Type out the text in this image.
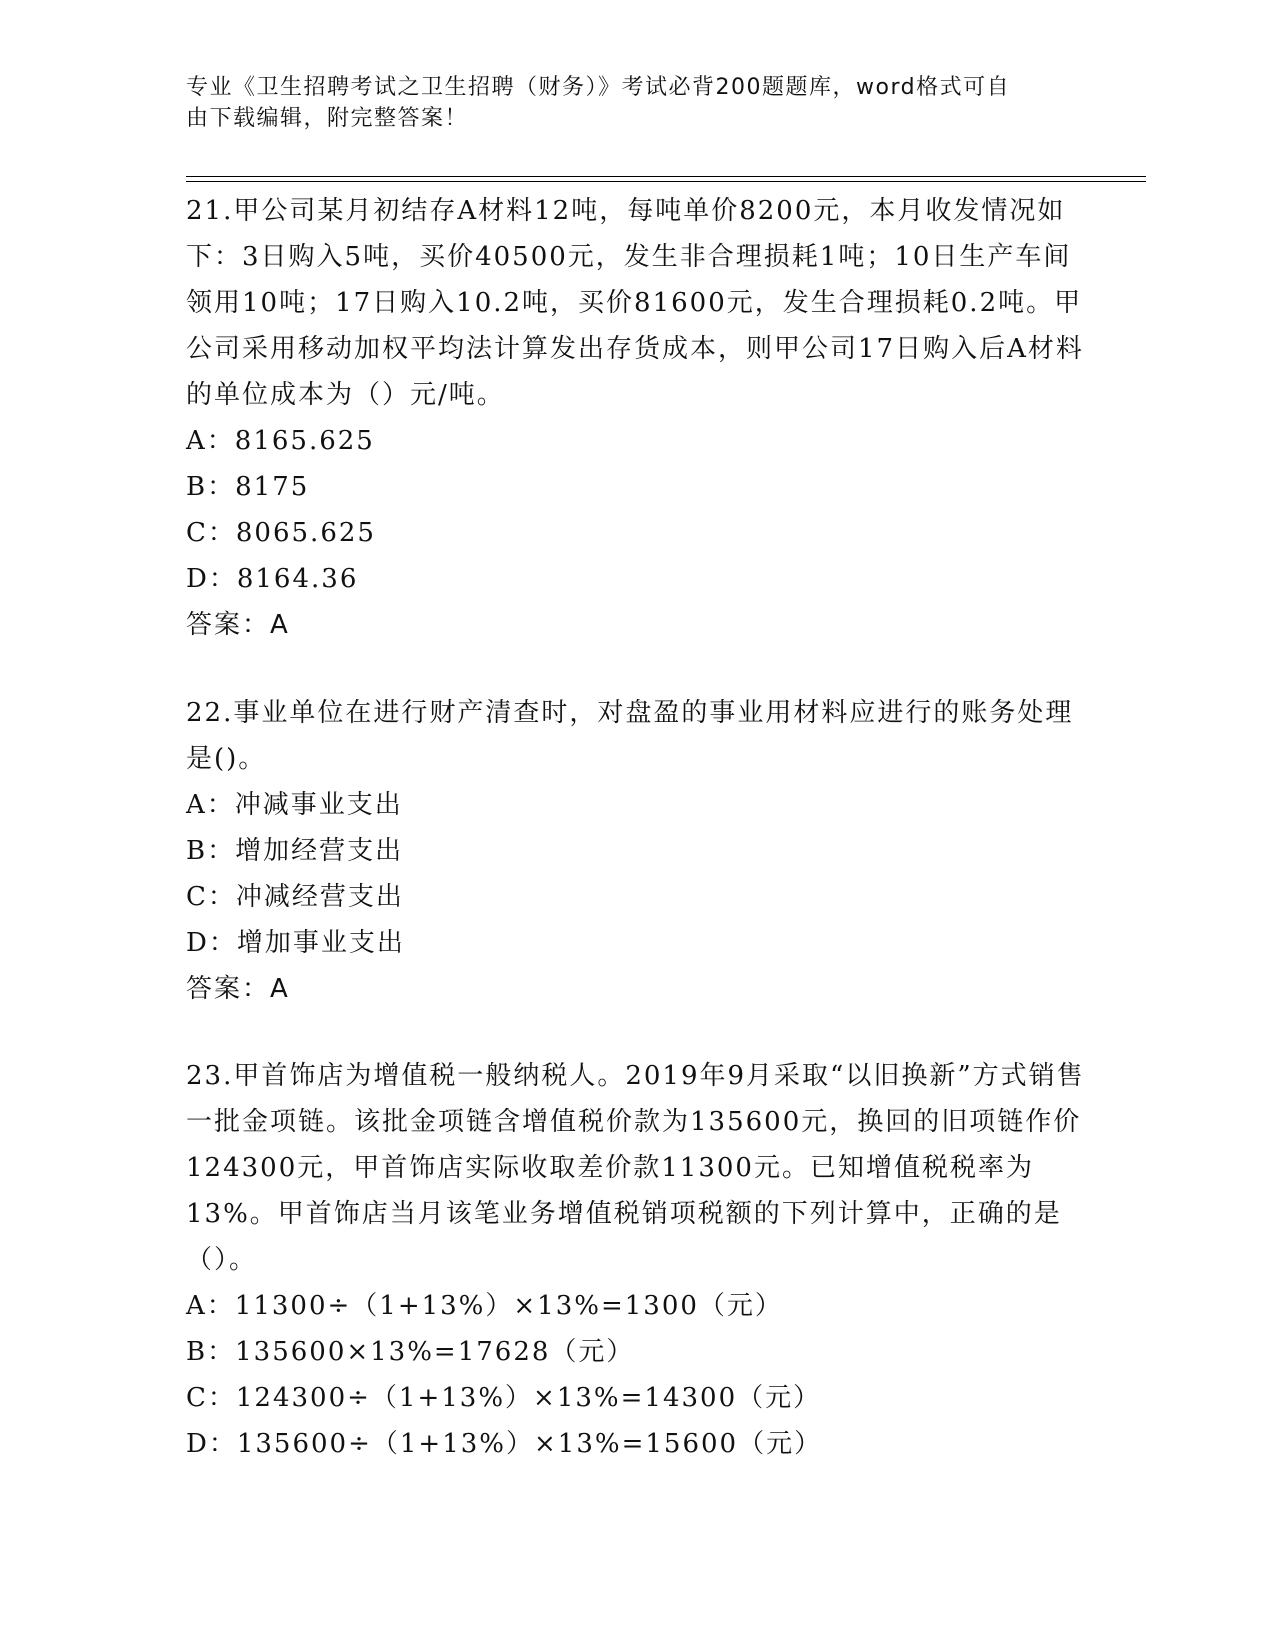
专业《卫生招聘考试之卫生招聘（财务）》考试必背200题题库，word格式可自
由下载编辑，附完整答案！

21.甲公司某月初结存A材料12吨，每吨单价8200元，本月收发情况如下：3日购入5吨，买价40500元，发生非合理损耗1吨；10日生产车间领用10吨；17日购入10.2吨，买价81600元，发生合理损耗0.2吨。甲公司采用移动加权平均法计算发出存货成本，则甲公司17日购入后A材料的单位成本为（）元/吨。

A：8165.625

B：8175

C：8065.625

D：8164.36

答案：A

22.事业单位在进行财产清查时，对盘盈的事业用材料应进行的账务处理是()。

A：冲减事业支出

B：增加经营支出

C：冲减经营支出

D：增加事业支出

答案：A

23.甲首饰店为增值税一般纳税人。2019年9月采取“以旧换新”方式销售一批金项链。该批金项链含增值税价款为135600元，换回的旧项链作价124300元，甲首饰店实际收取差价款11300元。已知增值税税率为13%。甲首饰店当月该笔业务增值税销项税额的下列计算中，正确的是（）。

A：11300÷（1+13%）×13%=1300（元）

B：135600×13%=17628（元）

C：124300÷（1+13%）×13%=14300（元）

D：135600÷（1+13%）×13%=15600（元）
